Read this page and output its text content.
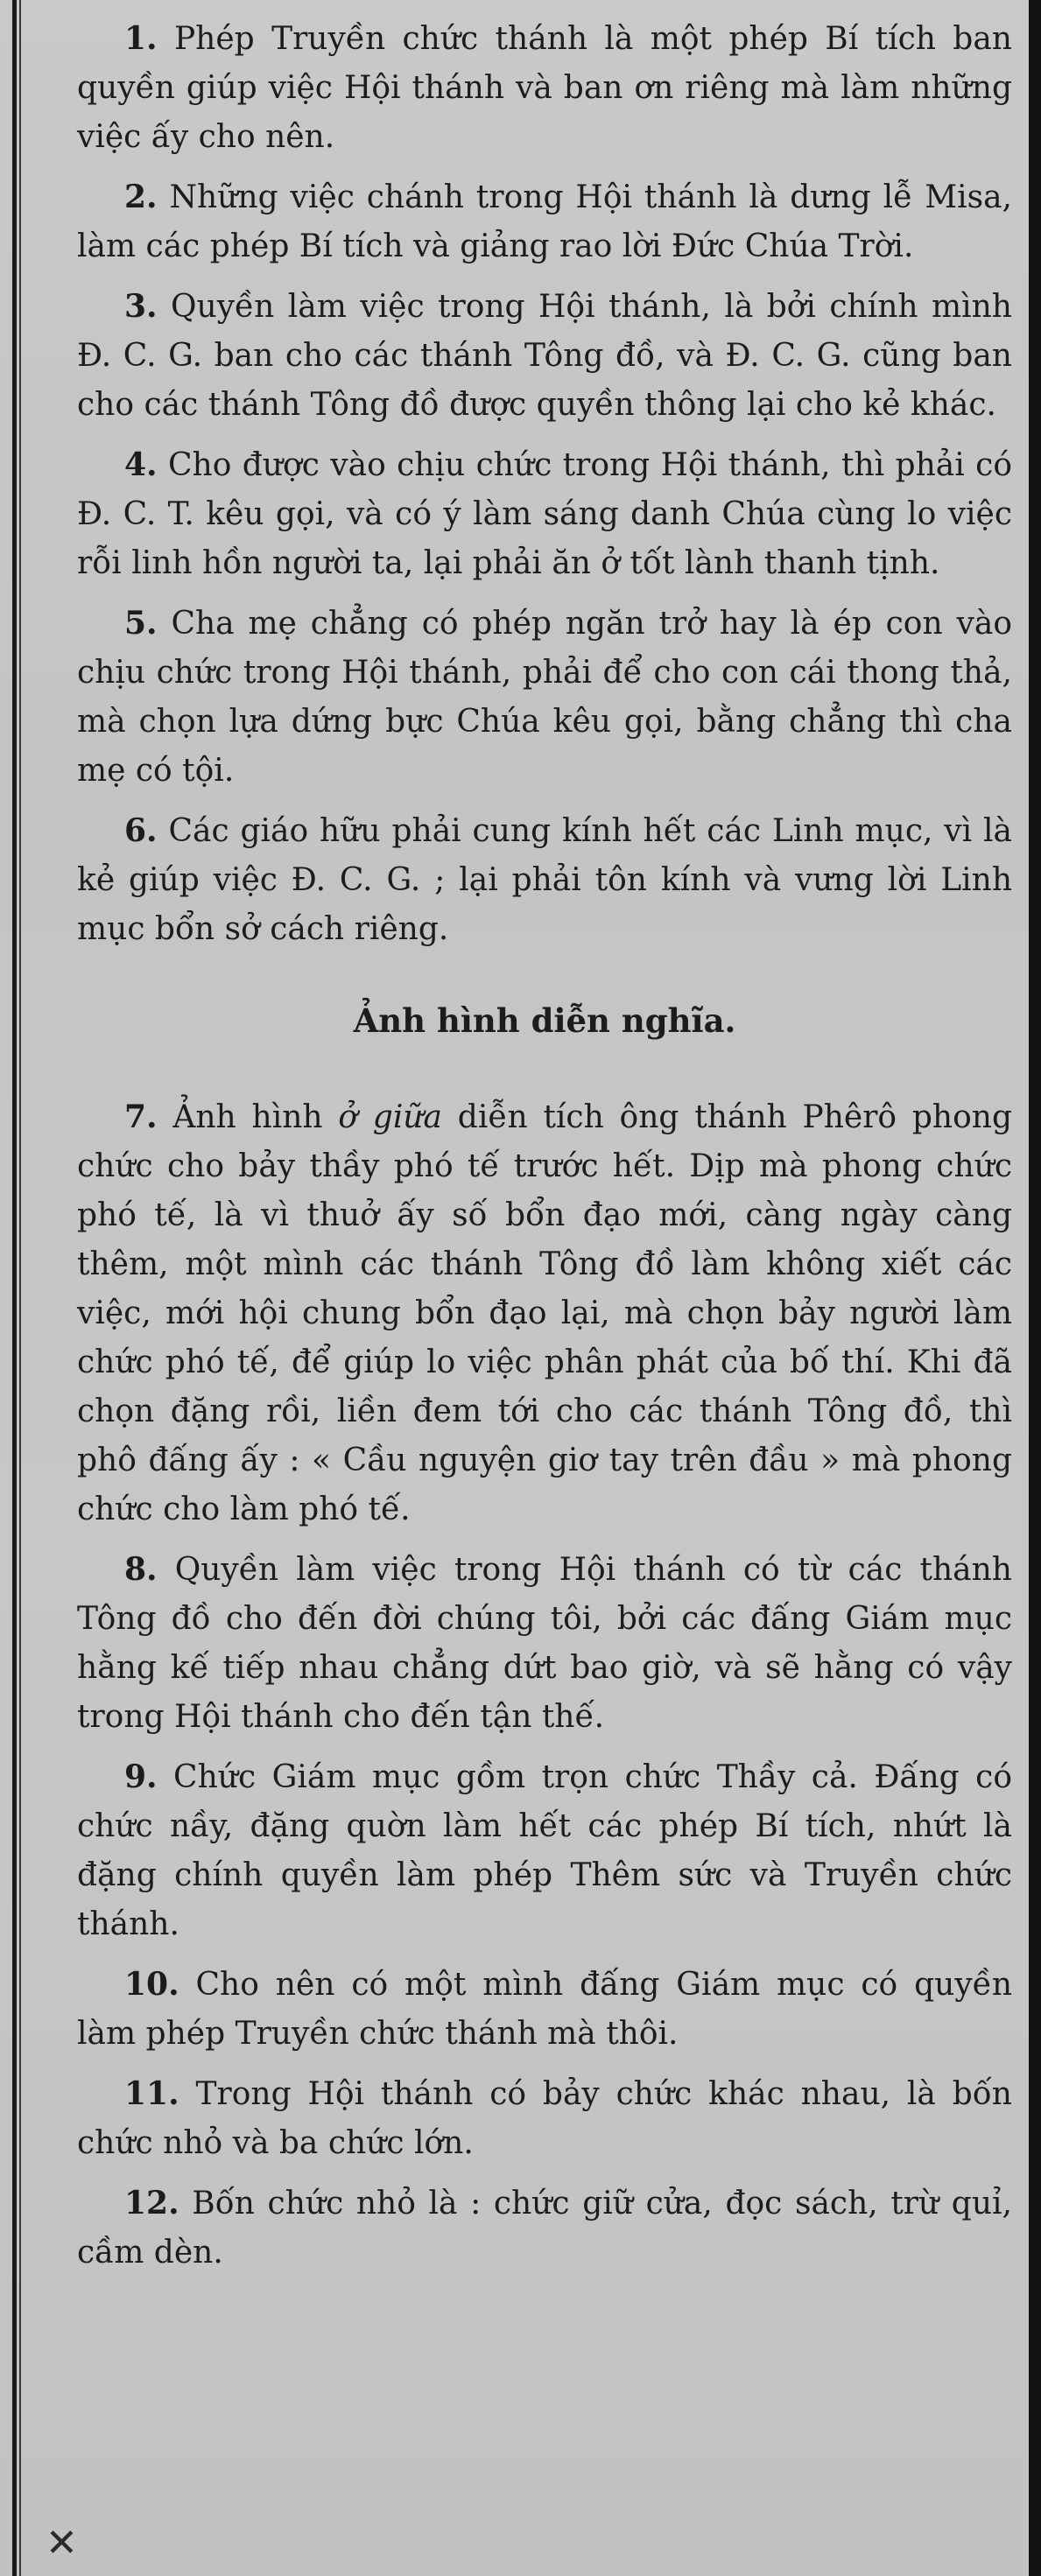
1. Phép Truyền chức thánh là một phép Bí tích ban quyền giúp việc Hội thánh và ban ơn riêng mà làm những việc ấy cho nên.

2. Những việc chánh trong Hội thánh là dưng lễ Misa, làm các phép Bí tích và giảng rao lời Đức Chúa Trời.

3. Quyền làm việc trong Hội thánh, là bởi chính mình Đ. C. G. ban cho các thánh Tông đồ, và Đ. C. G. cũng ban cho các thánh Tông đồ được quyền thông lại cho kẻ khác.

4. Cho được vào chịu chức trong Hội thánh, thì phải có Đ. C. T. kêu gọi, và có ý làm sáng danh Chúa cùng lo việc rỗi linh hồn người ta, lại phải ăn ở tốt lành thanh tịnh.

5. Cha mẹ chẳng có phép ngăn trở hay là ép con vào chịu chức trong Hội thánh, phải để cho con cái thong thả, mà chọn lựa dứng bực Chúa kêu gọi, bằng chẳng thì cha mẹ có tội.

6. Các giáo hữu phải cung kính hết các Linh mục, vì là kẻ giúp việc Đ. C. G. ; lại phải tôn kính và vưng lời Linh mục bổn sở cách riêng.

Ảnh hình diễn nghĩa.

7. Ảnh hình ở giữa diễn tích ông thánh Phêrô phong chức cho bảy thầy phó tế trước hết. Dịp mà phong chức phó tế, là vì thuở ấy số bổn đạo mới, càng ngày càng thêm, một mình các thánh Tông đồ làm không xiết các việc, mới hội chung bổn đạo lại, mà chọn bảy người làm chức phó tế, để giúp lo việc phân phát của bố thí. Khi đã chọn đặng rồi, liền đem tới cho các thánh Tông đồ, thì phô đấng ấy : « Cầu nguyện giơ tay trên đầu » mà phong chức cho làm phó tế.

8. Quyền làm việc trong Hội thánh có từ các thánh Tông đồ cho đến đời chúng tôi, bởi các đấng Giám mục hằng kế tiếp nhau chẳng dứt bao giờ, và sẽ hằng có vậy trong Hội thánh cho đến tận thế.

9. Chức Giám mục gồm trọn chức Thầy cả. Đấng có chức nầy, đặng quờn làm hết các phép Bí tích, nhứt là đặng chính quyền làm phép Thêm sức và Truyền chức thánh.

10. Cho nên có một mình đấng Giám mục có quyền làm phép Truyền chức thánh mà thôi.

11. Trong Hội thánh có bảy chức khác nhau, là bốn chức nhỏ và ba chức lớn.

12. Bốn chức nhỏ là : chức giữ cửa, đọc sách, trừ quỉ, cầm dèn.

✕
